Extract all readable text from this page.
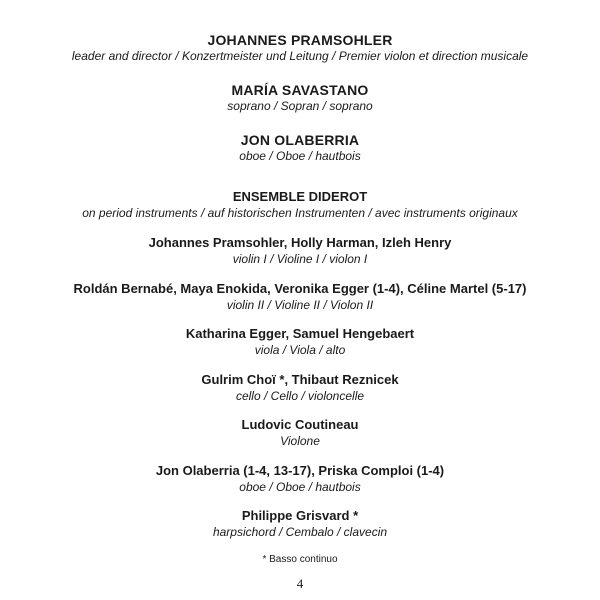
JOHANNES PRAMSOHLER
leader and director / Konzertmeister und Leitung / Premier violon et direction musicale
MARÍA SAVASTANO
soprano / Sopran / soprano
JON OLABERRIA
oboe / Oboe / hautbois
ENSEMBLE DIDEROT
on period instruments / auf historischen Instrumenten / avec instruments originaux
Johannes Pramsohler, Holly Harman, Izleh Henry
violin I / Violine I / violon I
Roldán Bernabé, Maya Enokida, Veronika Egger (1-4), Céline Martel (5-17)
violin II / Violine II / Violon II
Katharina Egger, Samuel Hengebaert
viola / Viola / alto
Gulrim Choï *, Thibaut Reznicek
cello / Cello / violoncelle
Ludovic Coutineau
Violone
Jon Olaberria (1-4, 13-17), Priska Comploi (1-4)
oboe / Oboe / hautbois
Philippe Grisvard *
harpsichord / Cembalo / clavecin
* Basso continuo
4
